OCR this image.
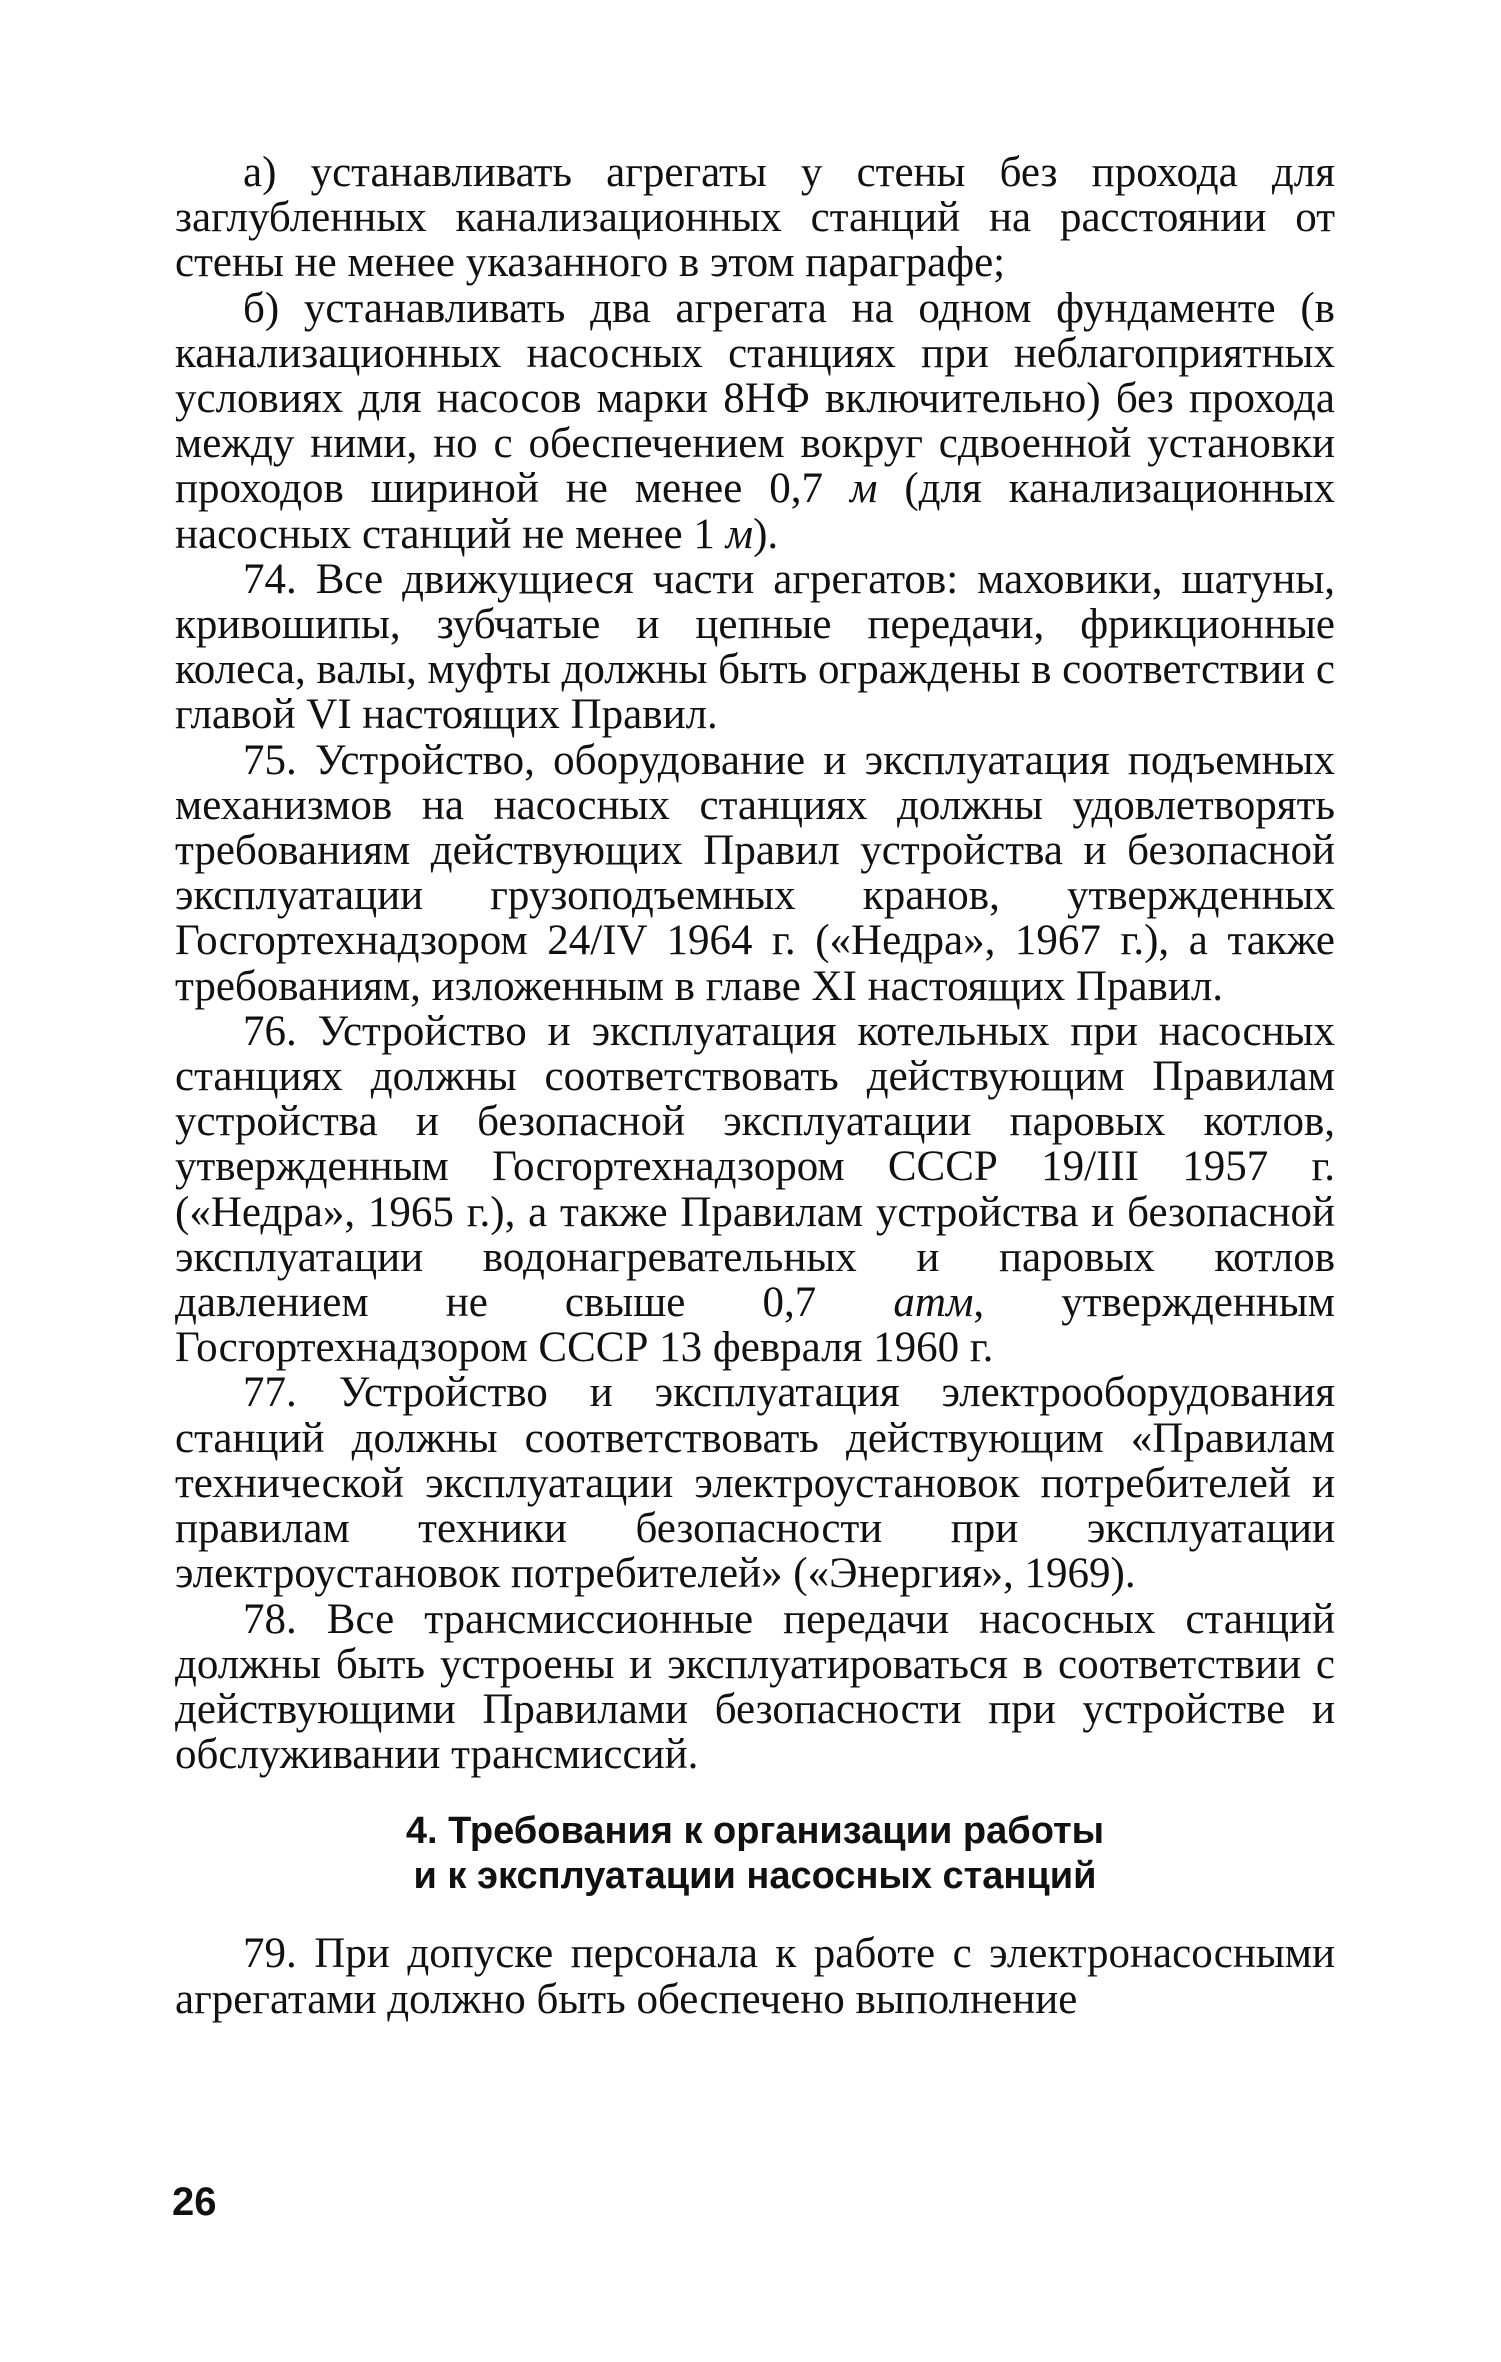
а) устанавливать агрегаты у стены без прохода для заглубленных канализационных станций на расстоянии от стены не менее указанного в этом параграфе;

б) устанавливать два агрегата на одном фундаменте (в канализационных насосных станциях при неблагоприятных условиях для насосов марки 8НФ включительно) без прохода между ними, но с обеспечением вокруг сдвоенной установки проходов шириной не менее 0,7 м (для канализационных насосных станций не менее 1 м).

74. Все движущиеся части агрегатов: маховики, шатуны, кривошипы, зубчатые и цепные передачи, фрикционные колеса, валы, муфты должны быть ограждены в соответствии с главой VI настоящих Правил.

75. Устройство, оборудование и эксплуатация подъемных механизмов на насосных станциях должны удовлетворять требованиям действующих Правил устройства и безопасной эксплуатации грузоподъемных кранов, утвержденных Госгортехнадзором 24/IV 1964 г. («Недра», 1967 г.), а также требованиям, изложенным в главе XI настоящих Правил.

76. Устройство и эксплуатация котельных при насосных станциях должны соответствовать действующим Правилам устройства и безопасной эксплуатации паровых котлов, утвержденным Госгортехнадзором СССР 19/III 1957 г. («Недра», 1965 г.), а также Правилам устройства и безопасной эксплуатации водонагревательных и паровых котлов давлением не свыше 0,7 атм, утвержденным Госгортехнадзором СССР 13 февраля 1960 г.

77. Устройство и эксплуатация электрооборудования станций должны соответствовать действующим «Правилам технической эксплуатации электроустановок потребителей и правилам техники безопасности при эксплуатации электроустановок потребителей» («Энергия», 1969).

78. Все трансмиссионные передачи насосных станций должны быть устроены и эксплуатироваться в соответствии с действующими Правилами безопасности при устройстве и обслуживании трансмиссий.

4. Требования к организации работы
и к эксплуатации насосных станций

79. При допуске персонала к работе с электронасосными агрегатами должно быть обеспечено выполнение

26
